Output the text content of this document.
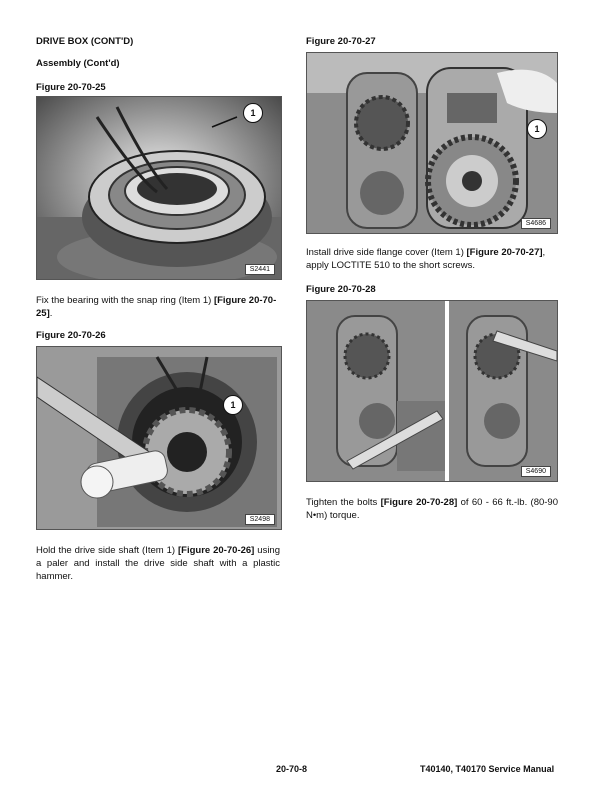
DRIVE BOX (CONT'D)
Assembly (Cont'd)
Figure 20-70-25
1
S2441
Fix the bearing with the snap ring (Item 1) [Figure 20-70-25].
Figure 20-70-26
1
S2498
Hold the drive side shaft (Item 1) [Figure 20-70-26] using a paler and install the drive side shaft with a plastic hammer.
Figure 20-70-27
1
S4686
Install drive side flange cover (Item 1) [Figure 20-70-27], apply LOCTITE 510 to the short screws.
Figure 20-70-28
S4690
Tighten the bolts [Figure 20-70-28] of 60 - 66 ft.-lb. (80-90 N•m) torque.
20-70-8	T40140, T40170 Service Manual
